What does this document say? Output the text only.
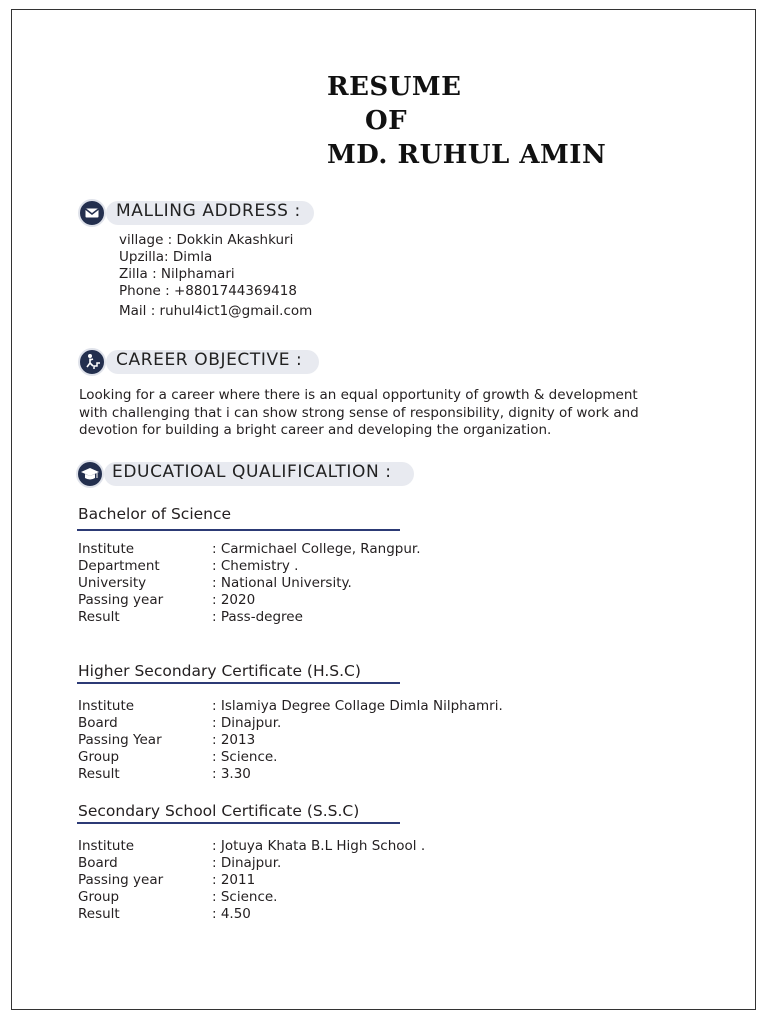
RESUME
OF
MD. RUHUL AMIN
MALLING ADDRESS :
village : Dokkin Akashkuri
Upzilla: Dimla
Zilla : Nilphamari
Phone : +8801744369418
Mail : ruhul4ict1@gmail.com
CAREER OBJECTIVE :
Looking for a career where there is an equal opportunity of growth & development with challenging that i can show strong sense of responsibility, dignity of work and devotion for building a bright career and developing the organization.
EDUCATIOAL QUALIFICALTION :
Bachelor of Science
Institute	: Carmichael College, Rangpur.
Department	: Chemistry .
University	: National University.
Passing year	: 2020
Result	: Pass-degree
Higher Secondary Certificate (H.S.C)
Institute	: Islamiya Degree Collage Dimla Nilphamri.
Board	: Dinajpur.
Passing Year	: 2013
Group	: Science.
Result	: 3.30
Secondary School Certificate (S.S.C)
Institute	: Jotuya Khata B.L High School .
Board	: Dinajpur.
Passing year	: 2011
Group	: Science.
Result	: 4.50
